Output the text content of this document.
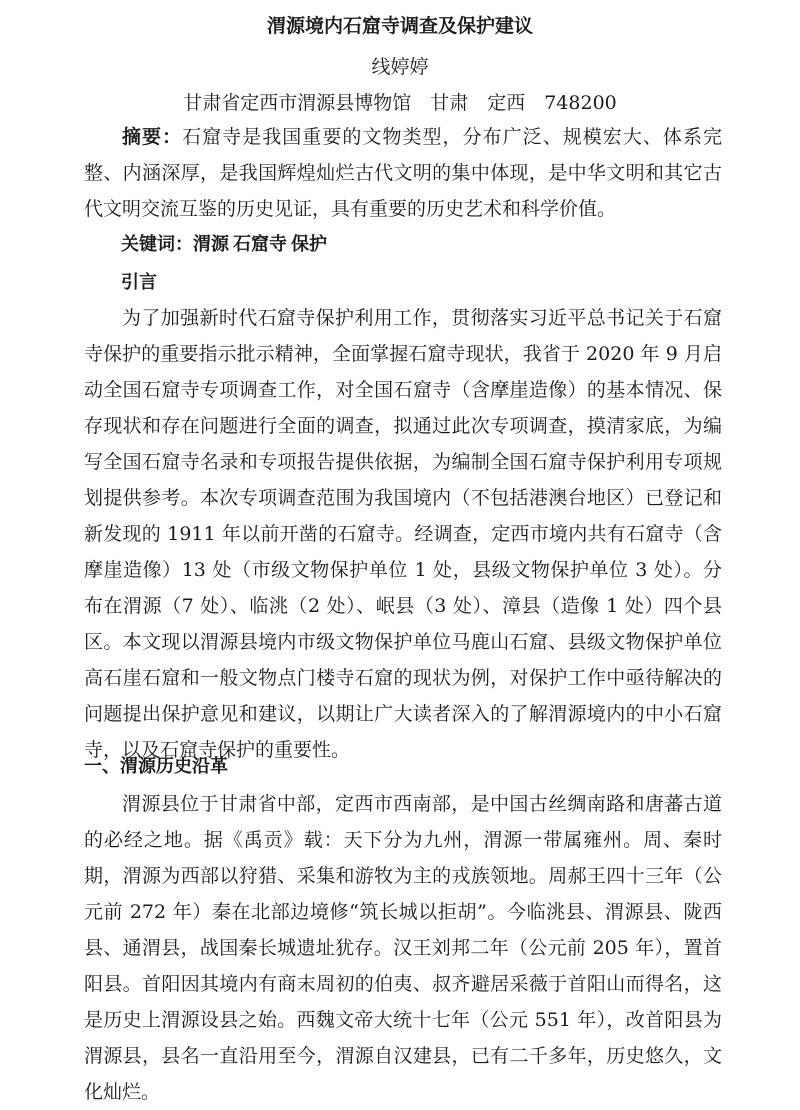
渭源境内石窟寺调查及保护建议
线婷婷
甘肃省定西市渭源县博物馆　甘肃　定西　748200

摘要：石窟寺是我国重要的文物类型，分布广泛、规模宏大、体系完整、内涵深厚，是我国辉煌灿烂古代文明的集中体现，是中华文明和其它古代文明交流互鉴的历史见证，具有重要的历史艺术和科学价值。

关键词：渭源 石窟寺 保护
引言

为了加强新时代石窟寺保护利用工作，贯彻落实习近平总书记关于石窟寺保护的重要指示批示精神，全面掌握石窟寺现状，我省于 2020 年 9 月启动全国石窟寺专项调查工作，对全国石窟寺（含摩崖造像）的基本情况、保存现状和存在问题进行全面的调查，拟通过此次专项调查，摸清家底，为编写全国石窟寺名录和专项报告提供依据，为编制全国石窟寺保护利用专项规划提供参考。本次专项调查范围为我国境内（不包括港澳台地区）已登记和新发现的 1911 年以前开凿的石窟寺。经调查，定西市境内共有石窟寺（含摩崖造像）13 处（市级文物保护单位 1 处，县级文物保护单位 3 处）。分布在渭源（7 处）、临洮（2 处）、岷县（3 处）、漳县（造像 1 处）四个县区。本文现以渭源县境内市级文物保护单位马鹿山石窟、县级文物保护单位高石崖石窟和一般文物点门楼寺石窟的现状为例，对保护工作中亟待解决的问题提出保护意见和建议，以期让广大读者深入的了解渭源境内的中小石窟寺，以及石窟寺保护的重要性。

一、渭源历史沿革

渭源县位于甘肃省中部，定西市西南部，是中国古丝绸南路和唐蕃古道的必经之地。据《禹贡》载：天下分为九州，渭源一带属雍州。周、秦时期，渭源为西部以狩猎、采集和游牧为主的戎族领地。周郝王四十三年（公元前 272 年）秦在北部边境修“筑长城以拒胡”。今临洮县、渭源县、陇西县、通渭县，战国秦长城遗址犹存。汉王刘邦二年（公元前 205 年），置首阳县。首阳因其境内有商末周初的伯夷、叔齐避居采薇于首阳山而得名，这是历史上渭源设县之始。西魏文帝大统十七年（公元 551 年），改首阳县为渭源县，县名一直沿用至今，渭源自汉建县，已有二千多年，历史悠久，文化灿烂。
